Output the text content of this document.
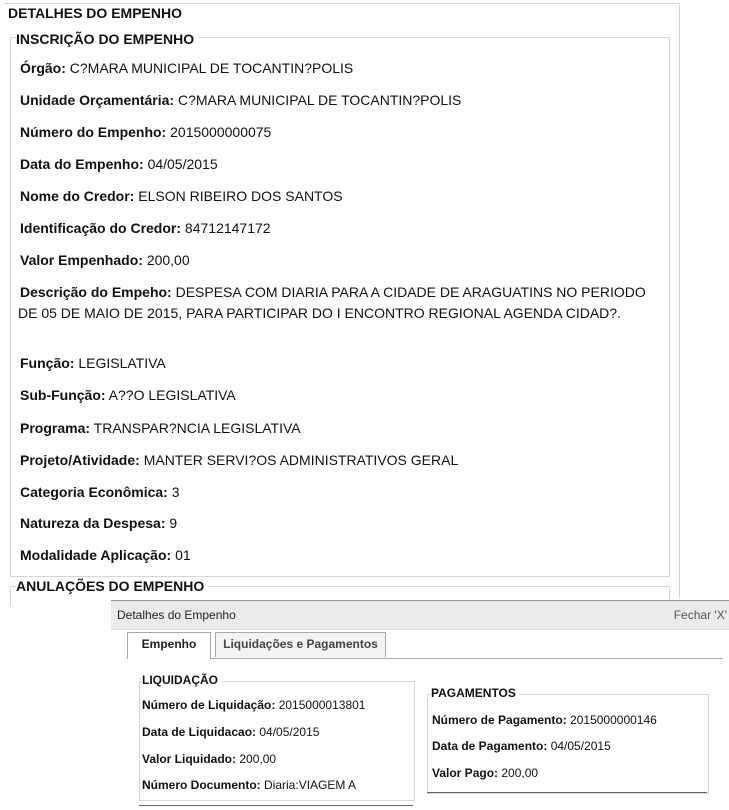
DETALHES DO EMPENHO
INSCRIÇÃO DO EMPENHO
Órgão: C?MARA MUNICIPAL DE TOCANTIN?POLIS
Unidade Orçamentária: C?MARA MUNICIPAL DE TOCANTIN?POLIS
Número do Empenho: 2015000000075
Data do Empenho: 04/05/2015
Nome do Credor: ELSON RIBEIRO DOS SANTOS
Identificação do Credor: 84712147172
Valor Empenhado: 200,00
Descrição do Empeho: DESPESA COM DIARIA PARA A CIDADE DE ARAGUATINS NO PERIODO DE 05 DE MAIO DE 2015, PARA PARTICIPAR DO I ENCONTRO REGIONAL AGENDA CIDAD?.
Função: LEGISLATIVA
Sub-Função: A??O LEGISLATIVA
Programa: TRANSPAR?NCIA LEGISLATIVA
Projeto/Atividade: MANTER SERVI?OS ADMINISTRATIVOS GERAL
Categoria Econômica: 3
Natureza da Despesa: 9
Modalidade Aplicação: 01
ANULAÇÕES DO EMPENHO
Detalhes do Empenho	Fechar 'X'
Empenho	Liquidações e Pagamentos
LIQUIDAÇÃO
Número de Liquidação: 2015000013801
Data de Liquidacao: 04/05/2015
Valor Liquidado: 200,00
Número Documento: Diaria:VIAGEM A
PAGAMENTOS
Número de Pagamento: 2015000000146
Data de Pagamento: 04/05/2015
Valor Pago: 200,00
